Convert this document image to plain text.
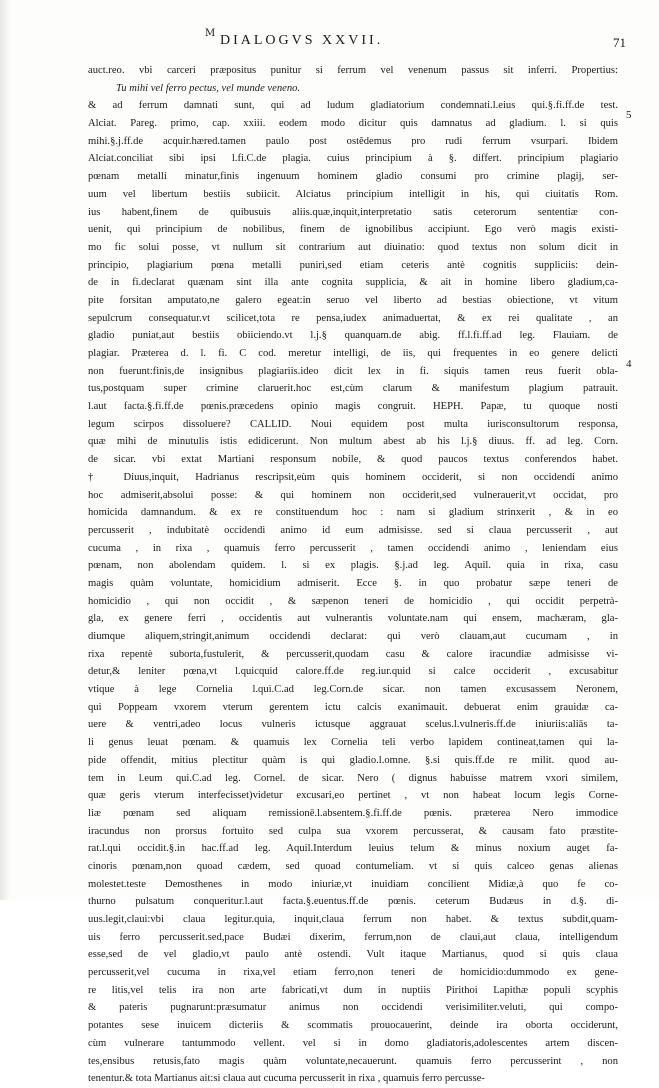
M DIALOGVS XXVII.	71
auct.reo. vbi carceri præpositus punitur si ferrum vel venenum passus sit inferri. Propertius:
Tu mihi vel ferro pectus, vel munde veneno.
& ad ferrum damnati sunt, qui ad ludum gladiatorium condemnati.l.eius qui.§.fi.ff.de test.
Alciat. Pareg. primo, cap. xxiii. eodem modo dicitur quis damnatus ad gladium. l. si quis
mihi.§.j.ff.de acquir.hæred.tamen paulo post ostēdemus pro rudi ferrum vsurpari. Ibidem
Alciat.conciliat sibi ipsi l.fi.C.de plagia. cuius principium à §. differt. principium plagiario
pœnam metalli minatur,finis ingenuum hominem gladio consumi pro crimine plagij, ser-
uum vel libertum bestiis subiicit. Alciatus principium intelligit in his, qui ciuitatis Rom.
ius habent,finem de quibusuis aliis.quæ,inquit,interpretatio satis ceterorum sententiæ con-
uenit, qui principium de nobilibus, finem de ignobilibus accipiunt. Ego verò magis existi-
mo fic solui posse, vt nullum sit contrarium aut diuinatio: quod textus non solum dicit in
principio, plagiarium pœna metalli puniri,sed etiam ceteris antè cognitis suppliciis: dein-
de in fi.declarat quænam sint illa ante cognita supplicia, & ait in homine libero gladium,ca-
pite forsitan amputato,ne galero egeat:in seruo vel liberto ad bestias obiectione, vt vitum
sepulcrum consequatur.vt scilicet,tota re pensa,iudex animaduertat, & ex rei qualitate , an
gladio puniat,aut bestiis obiiciendo.vt l.j.§ quanquam.de abig. ff.l.fi.ff.ad leg. Flauiam. de
plagiar. Præterea d. l. fi. C cod. meretur intelligi, de iis, qui frequentes in eo genere delicti
non fuerunt:finis,de insignibus plagiariis.ideo dicit lex in fi. siquis tamen reus fuerit obla-
tus,postquam super crimine claruerit.hoc est,cùm clarum & manifestum plagium patrauit.
l.aut facta.§.fi.ff.de pœnis.præcedens opinio magis congruit. HEPH. Papæ, tu quoque nosti
legum scirpos dissoluere? CALLID. Noui equidem post multa iurisconsultorum responsa,
quæ mihi de minutulis istis edidicerunt. Non multum abest ab his l.j.§ diuus. ff. ad leg. Corn.
de sicar. vbi extat Martiani responsum nobile, & quod paucos textus conferendos habet.
† Diuus,inquit, Hadrianus rescripsit,eùm quis hominem occiderit, si non occidendi animo
hoc admiserit,absolui posse: & qui hominem non occiderit,sed vulnerauerit,vt occidat, pro
homicida damnandum. & ex re constituendum hoc : nam si gladium strinxerit , & in eo
percusserit , indubitatè occidendi animo id eum admisisse. sed si claua percusserit , aut
cucuma , in rixa , quamuis ferro percusserit , tamen occidendi animo , leniendam eius
pœnam, non abolendam quidem. l. si ex plagis. §.j.ad leg. Aquil. quia in rixa, casu
magis quàm voluntate, homicidium admiserit. Ecce §. in quo probatur sæpe teneri de
homicidio , qui non occidit , & sæpenon teneri de homicidio , qui occidit perpetrà-
gla, ex genere ferri , occidentis aut vulnerantis voluntate.nam qui ensem, machæram, gla-
diumque aliquem,stringit,animum occidendi declarat: qui verò clauam,aut cucumam , in
rixa repentè subortа,fustulerit, & percusserit,quodam casu & calore iracundiæ admisisse vi-
detur,& leniter pœna,vt l.quicquid calore.ff.de reg.iur.quid si calce occiderit , excusabitur
vtique à lege Cornelia l.qui.C.ad leg.Corn.de sicar. non tamen excusassem Neronem,
qui Poppeam vxorem vterum gerentem ictu calcis exanimauit. debuerat enim grauidæ ca-
uere & ventri,adeo locus vulneris ictusque aggrauat scelus.l.vulneris.ff.de iniuriis:aliās ta-
li genus leuat pœnam. & quamuis lex Cornelia teli verbo lapidem contineat,tamen qui la-
pide offendit, mitius plectitur quàm is qui gladio.l.omne. §.si quis.ff.de re milit. quod au-
tem in l.eum qui.C.ad leg. Cornel. de sicar. Nero ( dignus habuisse matrem vxori similem,
quæ geris vterum interfecisset)videtur excusari,eo pertinet , vt non habeat locum legis Corne-
liæ pœnam sed aliquam remissionē.l.absentem.§.fi.ff.de pœnis. præterea Nero immodice
iracundus non prorsus fortuito sed culpa sua vxorem percusserat, & causam fato præstite-
rat.l.qui occidit.§.in hac.ff.ad leg. Aquil.Interdum leuius telum & minus noxium auget fa-
cinoris pœnam,non quoad cædem, sed quoad contumeliam. vt si quis calceo genas alienas
molestet.teste Demosthenes in modo iniuriæ,vt inuidiam concilient Midiæ,à quo fe co-
thurno pulsatum conqueritur.l.aut facta.§.euentus.ff.de pœnis. ceterum Budæus in d.§. di-
uus.legit,claui:vbi claua legitur.quia, inquit,claua ferrum non habet. & textus subdit,quam-
uis ferro percusserit.sed,pace Budæi dixerim, ferrum,non de claui,aut claua, intelligendum
esse,sed de vel gladio,vt paulo antè ostendi. Vult itaque Martianus, quod si quis claua
percusserit,vel cucuma in rixa,vel etiam ferro,non teneri de homicidio:dummodo ex gene-
re litis,vel telis ira non arte fabricati,vt dum in nuptiis Pirithoi Lapithæ populi scyphis
& pateris pugnarunt:præsumatur animus non occidendi verisimiliter.veluti, qui compo-
potantes sese inuicem dicteriis & scommatis prouocauerint, deinde ira oborta occiderunt,
cùm vulnerare tantummodo vellent. vel si in domo gladiatoris,adolescentes artem discen-
tes,ensibus retusis,fato magis quàm voluntate,necauerunt. quamuis ferro percusserint , non
tenentur.& tota Martianus ait:si claua aut cucuma percusserit in rixa , quamuis ferro percusse-
5
4
